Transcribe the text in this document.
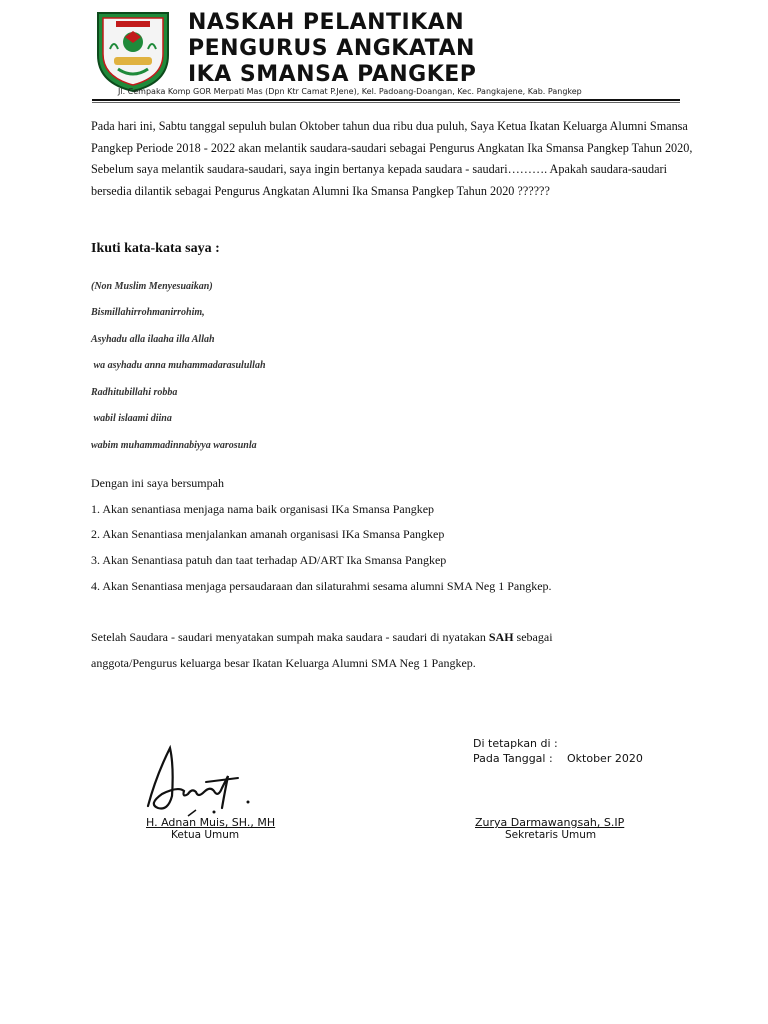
NASKAH PELANTIKAN
PENGURUS ANGKATAN
IKA SMANSA PANGKEP
Jl. Cempaka Komp GOR Merpati Mas (Dpn Ktr Camat P.Jene), Kel. Padoang-Doangan, Kec. Pangkajene, Kab. Pangkep

Pada hari ini, Sabtu tanggal sepuluh bulan Oktober tahun dua ribu dua puluh, Saya Ketua Ikatan Keluarga Alumni Smansa Pangkep Periode 2018 - 2022 akan melantik saudara-saudari sebagai Pengurus Angkatan Ika Smansa Pangkep Tahun 2020, Sebelum saya melantik saudara-saudari, saya ingin bertanya kepada saudara - saudari………. Apakah saudara-saudari bersedia dilantik sebagai Pengurus Angkatan Alumni Ika Smansa Pangkep Tahun 2020 ??????

Ikuti kata-kata saya :
(Non Muslim Menyesuaikan)
Bismillahirrohmanirrohim,
Asyhadu alla ilaaha illa Allah
wa asyhadu anna muhammadarasulullah
Radhitubillahi robba
wabil islaami diina
wabim muhammadinnabiyya warosunla
Dengan ini saya bersumpah
1. Akan senantiasa menjaga nama baik organisasi IKa Smansa Pangkep
2. Akan Senantiasa menjalankan amanah organisasi IKa Smansa Pangkep
3. Akan Senantiasa patuh dan taat terhadap AD/ART Ika Smansa Pangkep
4. Akan Senantiasa menjaga persaudaraan dan silaturahmi sesama alumni SMA Neg 1 Pangkep.
Setelah Saudara - saudari menyatakan sumpah maka saudara - saudari di nyatakan SAH sebagai
anggota/Pengurus keluarga besar Ikatan Keluarga Alumni SMA Neg 1 Pangkep.
Di tetapkan di :
Pada Tanggal : Oktober 2020
H. Adnan Muis, SH., MH
Ketua Umum
Zurya Darmawangsah, S.IP
Sekretaris Umum
